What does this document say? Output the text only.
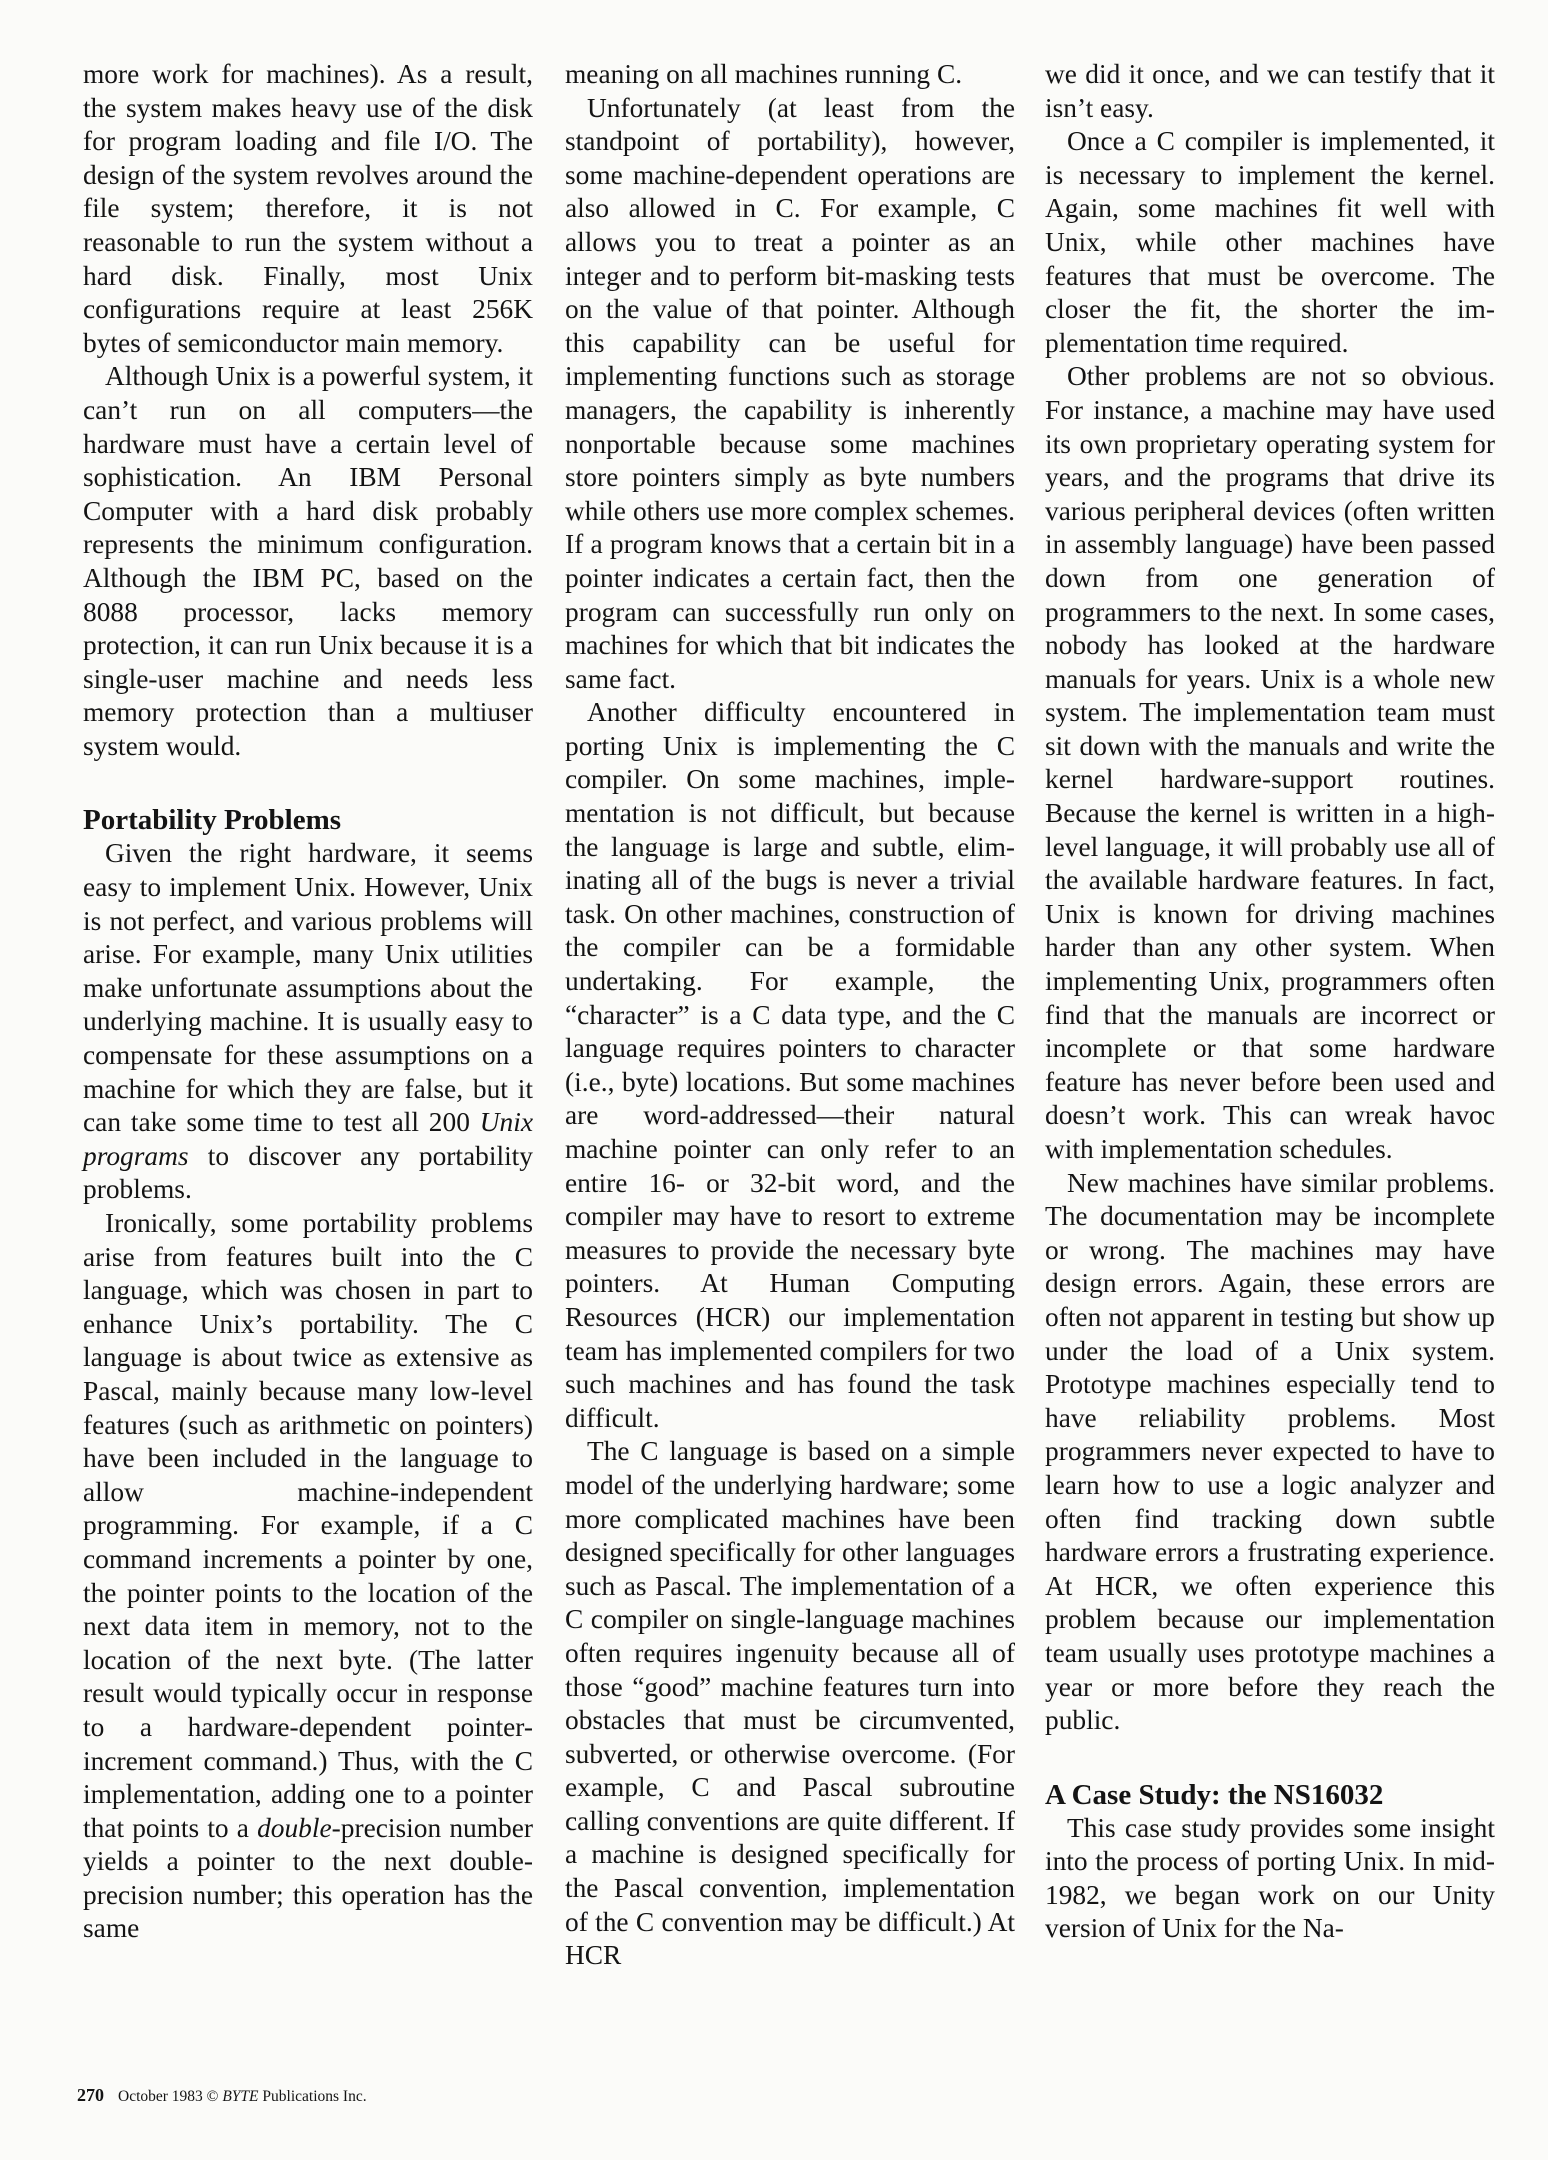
more work for machines). As a result, the system makes heavy use of the disk for program loading and file I/O. The design of the system revolves around the file system; therefore, it is not reasonable to run the system without a hard disk. Finally, most Unix configurations require at least 256K bytes of semiconductor main memory.

Although Unix is a powerful system, it can’t run on all computers—the hardware must have a certain level of sophistication. An IBM Personal Computer with a hard disk probably represents the minimum configuration. Although the IBM PC, based on the 8088 processor, lacks memory protection, it can run Unix because it is a single-user machine and needs less memory protection than a multiuser system would.

Portability Problems

Given the right hardware, it seems easy to implement Unix. However, Unix is not perfect, and various problems will arise. For example, many Unix utilities make unfortunate assumptions about the underlying machine. It is usually easy to compensate for these assumptions on a machine for which they are false, but it can take some time to test all 200 Unix programs to discover any portability problems.

Ironically, some portability problems arise from features built into the C language, which was chosen in part to enhance Unix’s portability. The C language is about twice as extensive as Pascal, mainly because many low-level features (such as arithmetic on pointers) have been included in the language to allow machine-independent programming. For example, if a C command increments a pointer by one, the pointer points to the location of the next data item in memory, not to the location of the next byte. (The latter result would typically occur in response to a hardware-dependent pointer-increment command.) Thus, with the C implementation, adding one to a pointer that points to a double-precision number yields a pointer to the next double-precision number; this operation has the same

meaning on all machines running C.

Unfortunately (at least from the standpoint of portability), however, some machine-dependent operations are also allowed in C. For example, C allows you to treat a pointer as an integer and to perform bit-masking tests on the value of that pointer. Although this capability can be useful for implementing functions such as storage managers, the capability is inherently nonportable because some machines store pointers simply as byte numbers while others use more complex schemes. If a program knows that a certain bit in a pointer indicates a certain fact, then the program can successfully run only on machines for which that bit indicates the same fact.

Another difficulty encountered in porting Unix is implementing the C compiler. On some machines, implementation is not difficult, but because the language is large and subtle, eliminating all of the bugs is never a trivial task. On other machines, construction of the compiler can be a formidable undertaking. For example, the “character” is a C data type, and the C language requires pointers to character (i.e., byte) locations. But some machines are word-addressed—their natural machine pointer can only refer to an entire 16- or 32-bit word, and the compiler may have to resort to extreme measures to provide the necessary byte pointers. At Human Computing Resources (HCR) our implementation team has implemented compilers for two such machines and has found the task difficult.

The C language is based on a simple model of the underlying hardware; some more complicated machines have been designed specifically for other languages such as Pascal. The implementation of a C compiler on single-language machines often requires ingenuity because all of those “good” machine features turn into obstacles that must be circumvented, subverted, or otherwise overcome. (For example, C and Pascal subroutine calling conventions are quite different. If a machine is designed specifically for the Pascal convention, implementation of the C convention may be difficult.) At HCR

we did it once, and we can testify that it isn’t easy.

Once a C compiler is implemented, it is necessary to implement the kernel. Again, some machines fit well with Unix, while other machines have features that must be overcome. The closer the fit, the shorter the implementation time required.

Other problems are not so obvious. For instance, a machine may have used its own proprietary operating system for years, and the programs that drive its various peripheral devices (often written in assembly language) have been passed down from one generation of programmers to the next. In some cases, nobody has looked at the hardware manuals for years. Unix is a whole new system. The implementation team must sit down with the manuals and write the kernel hardware-support routines. Because the kernel is written in a high-level language, it will probably use all of the available hardware features. In fact, Unix is known for driving machines harder than any other system. When implementing Unix, programmers often find that the manuals are incorrect or incomplete or that some hardware feature has never before been used and doesn’t work. This can wreak havoc with implementation schedules.

New machines have similar problems. The documentation may be incomplete or wrong. The machines may have design errors. Again, these errors are often not apparent in testing but show up under the load of a Unix system. Prototype machines especially tend to have reliability problems. Most programmers never expected to have to learn how to use a logic analyzer and often find tracking down subtle hardware errors a frustrating experience. At HCR, we often experience this problem because our implementation team usually uses prototype machines a year or more before they reach the public.

A Case Study: the NS16032

This case study provides some insight into the process of porting Unix. In mid-1982, we began work on our Unity version of Unix for the Na-

270 October 1983 © BYTE Publications Inc.
